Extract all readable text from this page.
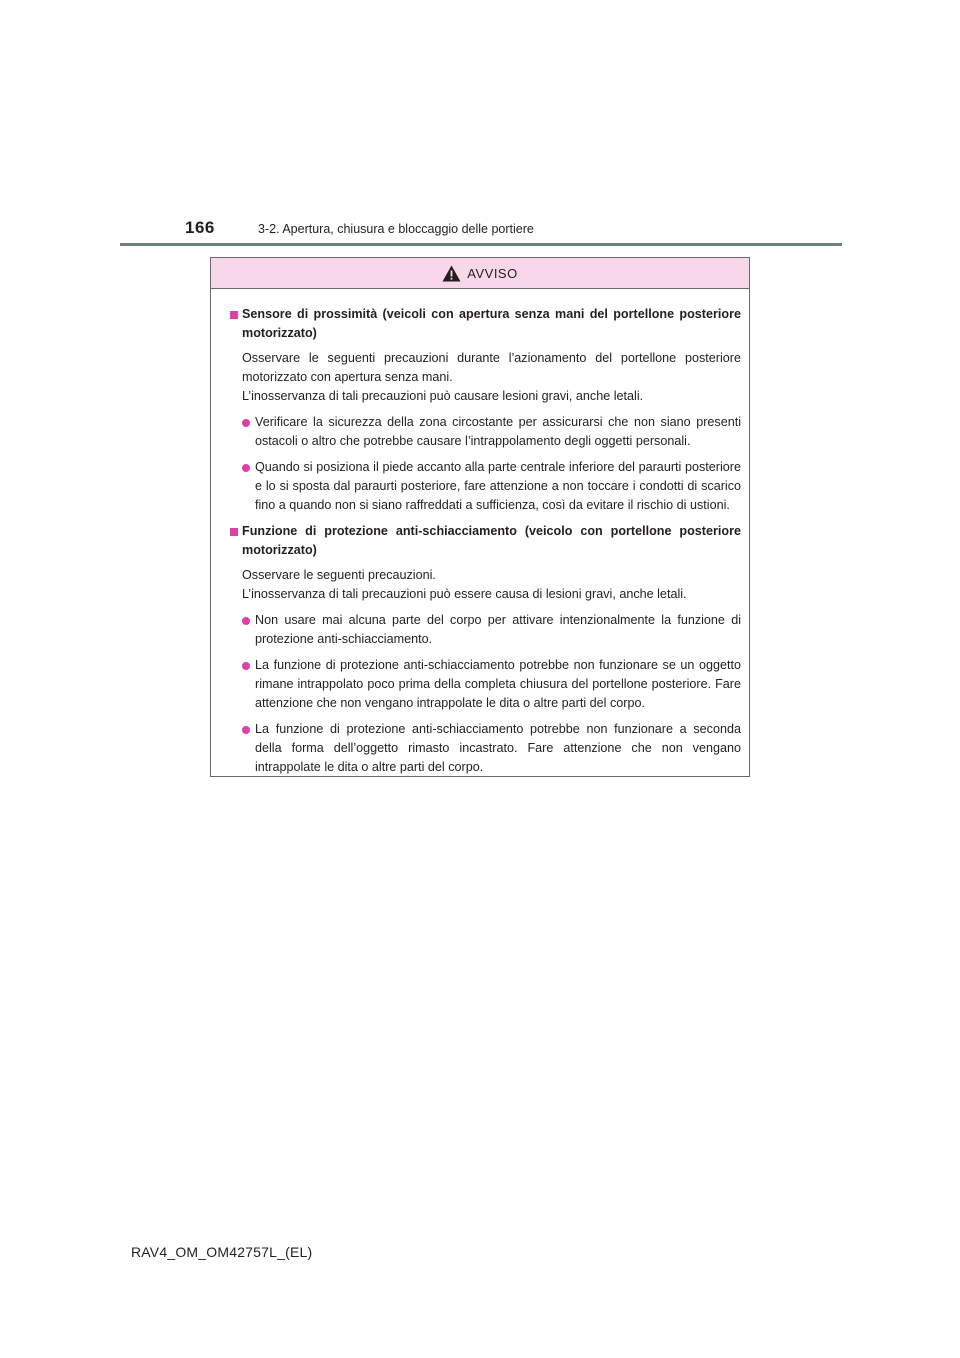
166	3-2. Apertura, chiusura e bloccaggio delle portiere
AVVISO
Sensore di prossimità (veicoli con apertura senza mani del portellone posteriore motorizzato)
Osservare le seguenti precauzioni durante l’azionamento del portellone posteriore motorizzato con apertura senza mani.
L’inosservanza di tali precauzioni può causare lesioni gravi, anche letali.
Verificare la sicurezza della zona circostante per assicurarsi che non siano presenti ostacoli o altro che potrebbe causare l’intrappolamento degli oggetti personali.
Quando si posiziona il piede accanto alla parte centrale inferiore del paraurti posteriore e lo si sposta dal paraurti posteriore, fare attenzione a non toccare i condotti di scarico fino a quando non si siano raffreddati a sufficienza, così da evitare il rischio di ustioni.
Funzione di protezione anti-schiacciamento (veicolo con portellone posteriore motorizzato)
Osservare le seguenti precauzioni.
L’inosservanza di tali precauzioni può essere causa di lesioni gravi, anche letali.
Non usare mai alcuna parte del corpo per attivare intenzionalmente la funzione di protezione anti-schiacciamento.
La funzione di protezione anti-schiacciamento potrebbe non funzionare se un oggetto rimane intrappolato poco prima della completa chiusura del portellone posteriore. Fare attenzione che non vengano intrappolate le dita o altre parti del corpo.
La funzione di protezione anti-schiacciamento potrebbe non funzionare a seconda della forma dell’oggetto rimasto incastrato. Fare attenzione che non vengano intrappolate le dita o altre parti del corpo.
RAV4_OM_OM42757L_(EL)
